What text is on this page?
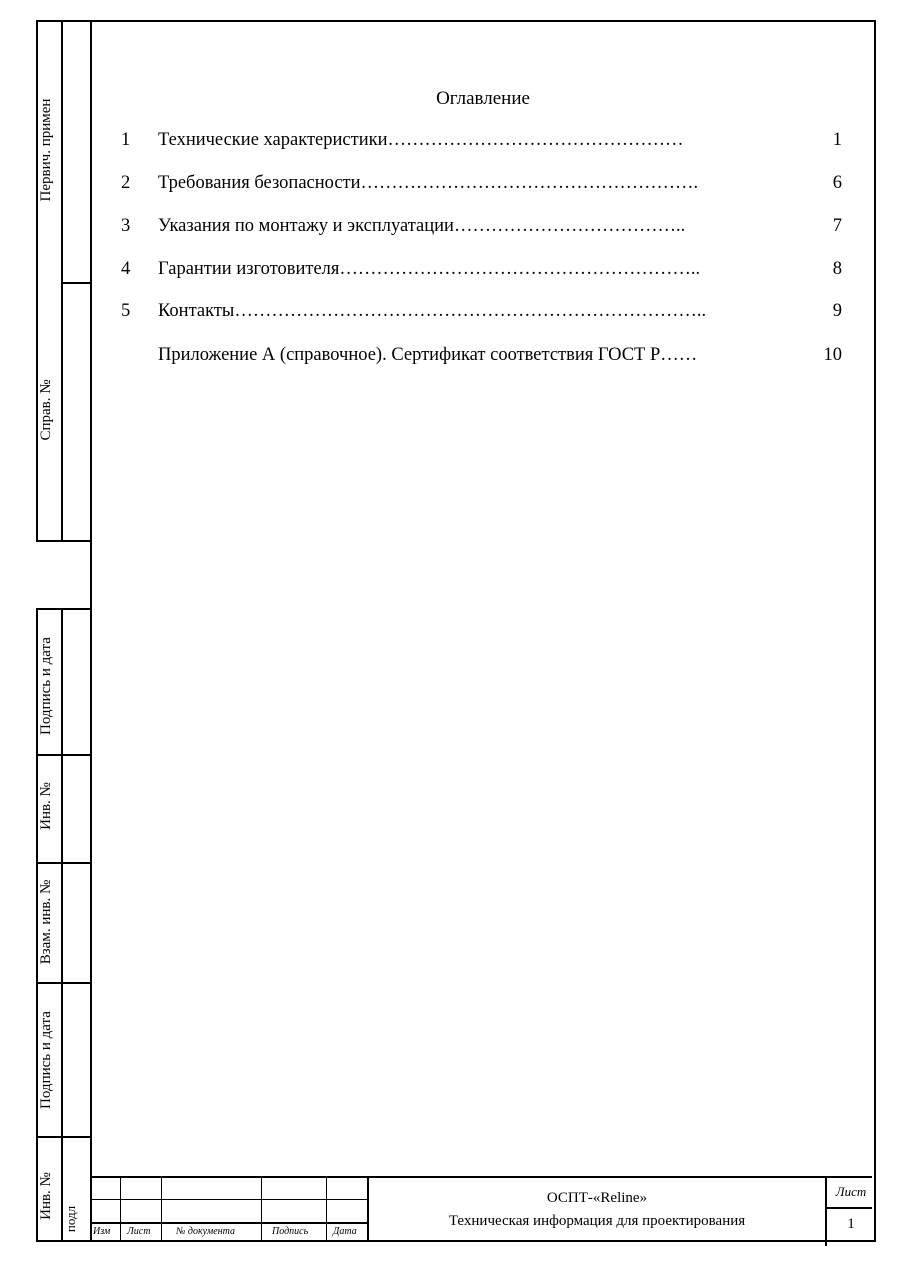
Первич. примен
Справ. №
Подпись и дата
Инв. №
Взам. инв. №
Подпись и дата
Инв. № подл
Оглавление
1 Технические характеристики…………………………………………	1
2 Требования безопасности……………………………………………….	6
3 Указания по монтажу и эксплуатации………………………………..	7
4 Гарантии изготовителя…………………………………………………..	8
5 Контакты…………………………………………………………………..	9
Приложение А (справочное). Сертификат соответствия ГОСТ Р……	10
Изм Лист	№ документа	Подпись Дата
ОСПТ-«Reline»
Техническая информация для проектирования
Лист
1
